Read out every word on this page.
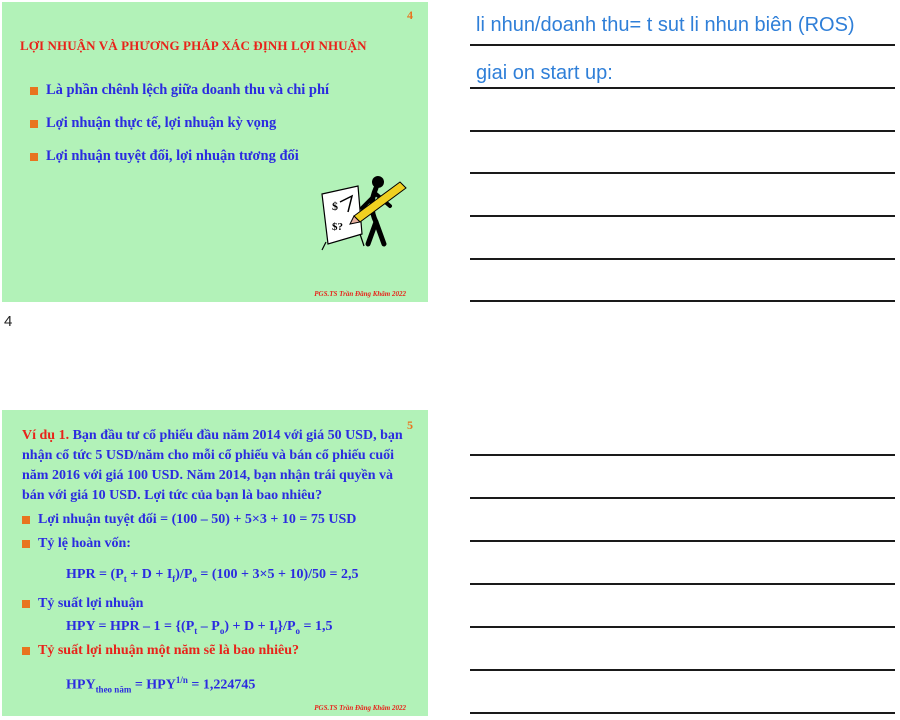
4
LỢI NHUẬN VÀ PHƯƠNG PHÁP XÁC ĐỊNH LỢI NHUẬN
Là phần chênh lệch giữa doanh thu và chi phí
Lợi nhuận thực tế, lợi nhuận kỳ vọng
Lợi nhuận tuyệt đối, lợi nhuận tương đối
$
$?
PGS.TS Trần Đăng Khâm 2022
4
5
Ví dụ 1. Bạn đầu tư cổ phiếu đầu năm 2014 với giá 50 USD, bạn nhận cổ tức 5 USD/năm cho mỗi cổ phiếu và bán cổ phiếu cuối năm 2016 với giá 100 USD. Năm 2014, bạn nhận trái quyền và bán với giá 10 USD. Lợi tức của bạn là bao nhiêu?
Lợi nhuận tuyệt đối = (100 – 50) + 5×3 + 10 = 75 USD
Tỷ lệ hoàn vốn:
HPR = $(P_t + D + I_f)/P_o = (100 + 3\times 5 + 10)/50 = 2,5$
Tỷ suất lợi nhuận
HPY = HPR – $1 = \{(P_t - P_o) + D + I_f\}/P_o = 1,5$
Tỷ suất lợi nhuận một năm sẽ là bao nhiêu?
$HPY_{theo năm} = HPY^{1/n} = 1,224745$
PGS.TS Trần Đăng Khâm 2022
li nhun/doanh thu= t sut li nhun biên (ROS)
giai on start up:
